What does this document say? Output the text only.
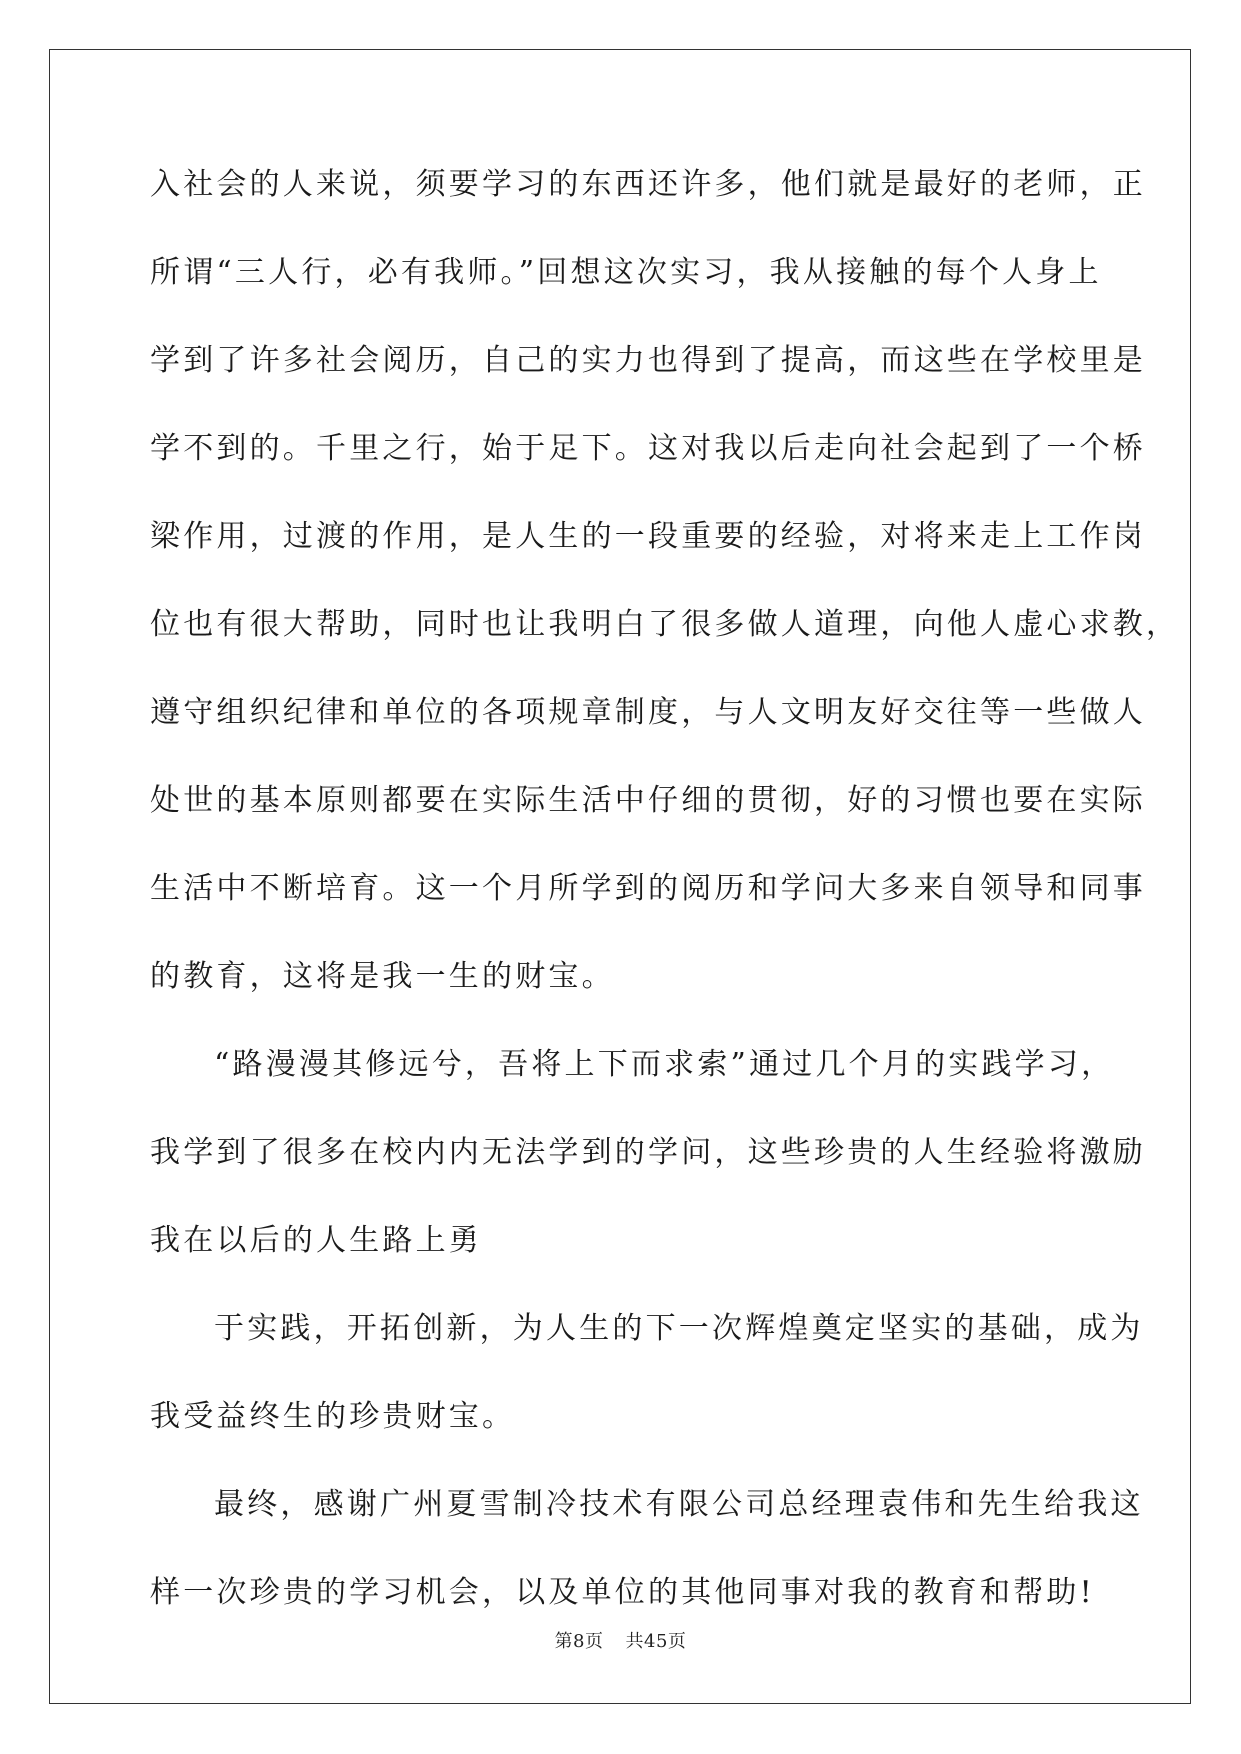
入社会的人来说，须要学习的东西还许多，他们就是最好的老师，正

所谓“三人行，必有我师。”回想这次实习，我从接触的每个人身上

学到了许多社会阅历，自己的实力也得到了提高，而这些在学校里是

学不到的。千里之行，始于足下。这对我以后走向社会起到了一个桥

梁作用，过渡的作用，是人生的一段重要的经验，对将来走上工作岗

位也有很大帮助，同时也让我明白了很多做人道理，向他人虚心求教，

遵守组织纪律和单位的各项规章制度，与人文明友好交往等一些做人

处世的基本原则都要在实际生活中仔细的贯彻，好的习惯也要在实际

生活中不断培育。这一个月所学到的阅历和学问大多来自领导和同事

的教育，这将是我一生的财宝。

“路漫漫其修远兮，吾将上下而求索”通过几个月的实践学习，

我学到了很多在校内内无法学到的学问，这些珍贵的人生经验将激励

我在以后的人生路上勇

于实践，开拓创新，为人生的下一次辉煌奠定坚实的基础，成为

我受益终生的珍贵财宝。

最终，感谢广州夏雪制冷技术有限公司总经理袁伟和先生给我这

样一次珍贵的学习机会，以及单位的其他同事对我的教育和帮助!

第8页 共45页
